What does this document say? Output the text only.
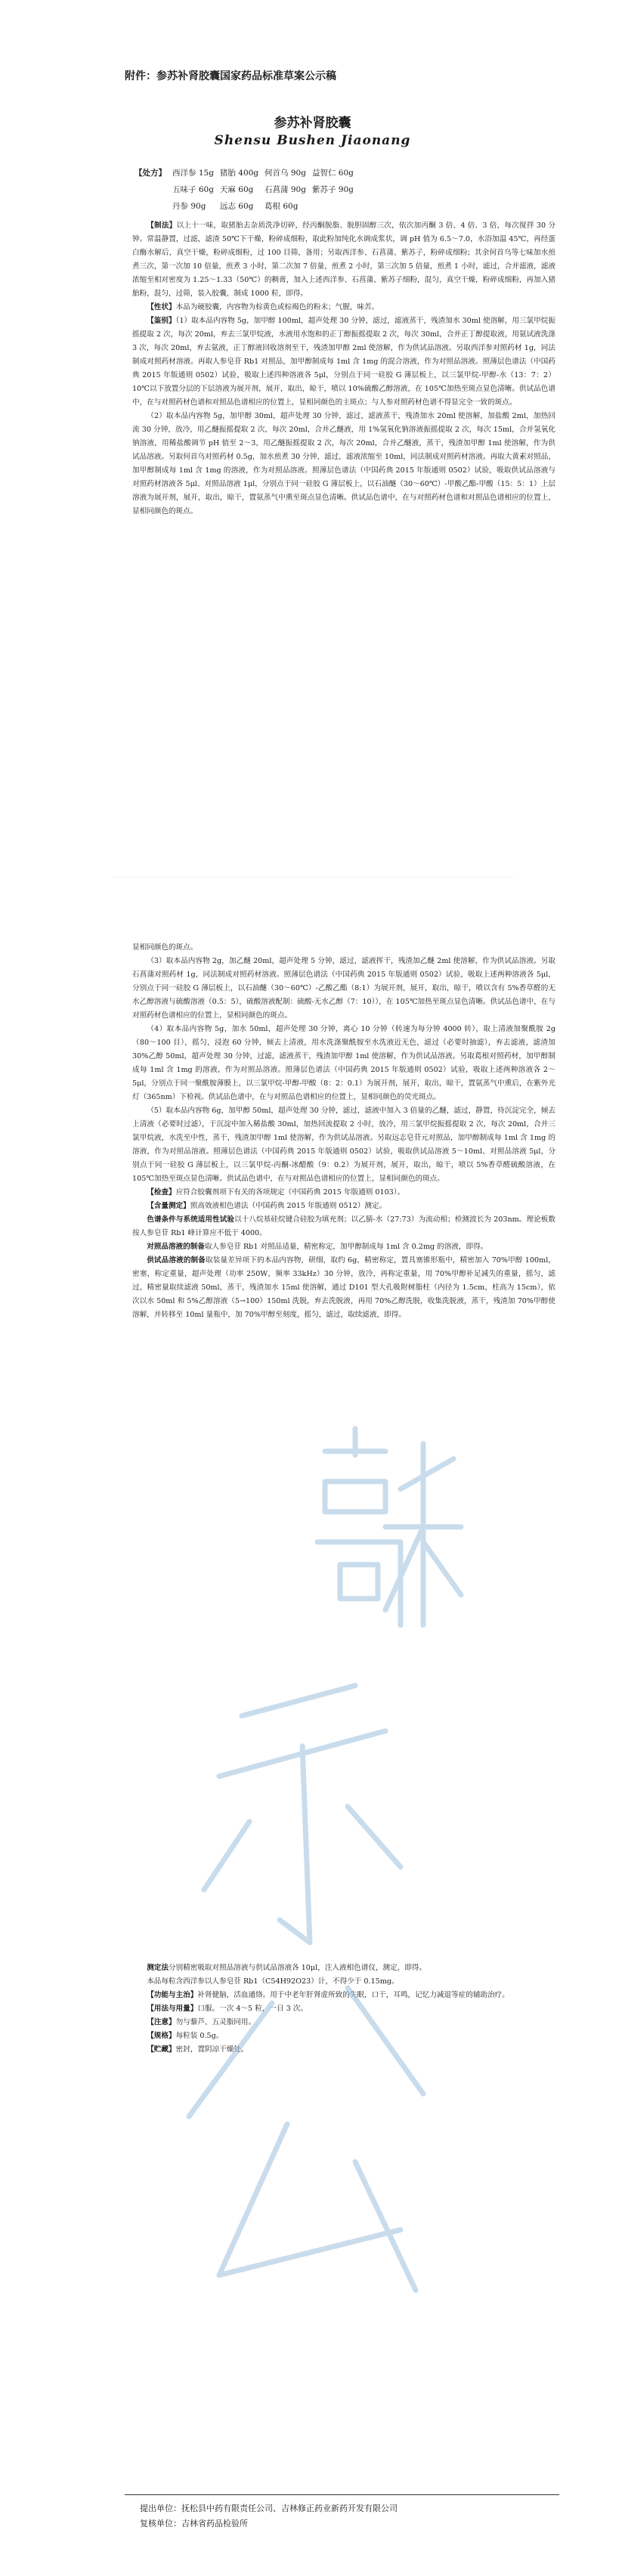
附件：参苏补肾胶囊国家药品标准草案公示稿
参苏补肾胶囊
Shensu Bushen Jiaonang
【处方】	西洋参 15g	猪胎 400g	何首乌 90g	益智仁 60g
	五味子 60g	天麻 60g	石菖蒲 90g	紫苏子 90g
	丹参 90g	远志 60g	葛根 60g	

【制法】以上十一味，取猪胎去杂质洗净切碎，经丙酮脱脂、脱胆固醇三次，依次加丙酮 3 倍、4 倍、3 倍，每次搅拌 30 分钟。常温静置，过滤，滤渣 50℃下干燥，粉碎成细粉，取此粉加纯化水调成浆状，调 pH 值为 6.5～7.0，水浴加温 45℃，再经蛋白酶水解后，真空干燥，粉碎成细粉，过 100 目筛，备用；另取西洋参、石菖蒲、紫苏子，粉碎成细粉；其余何首乌等七味加水煎煮三次，第一次加 10 倍量，煎煮 3 小时，第二次加 7 倍量，煎煮 2 小时，第三次加 5 倍量，煎煮 1 小时，滤过，合并滤液，滤液浓缩至相对密度为 1.25～1.33（50℃）的稠膏，加入上述西洋参、石菖蒲、紫苏子细粉，混匀，真空干燥，粉碎成细粉，再加入猪胎粉，混匀，过筛，装入胶囊，制成 1000 粒，即得。

【性状】本品为硬胶囊，内容物为棕黄色或棕褐色的粉末；气腥，味苦。

【鉴别】（1）取本品内容物 5g，加甲醇 100ml，超声处理 30 分钟，滤过，滤液蒸干，残渣加水 30ml 使溶解，用三氯甲烷振摇提取 2 次，每次 20ml，弃去三氯甲烷液，水液用水饱和的正丁醇振摇提取 2 次，每次 30ml，合并正丁醇提取液，用氨试液洗涤 3 次，每次 20ml，弃去氨液，正丁醇液回收溶剂至干，残渣加甲醇 2ml 使溶解，作为供试品溶液。另取西洋参对照药材 1g，同法制成对照药材溶液。再取人参皂苷 Rb1 对照品，加甲醇制成每 1ml 含 1mg 的混合溶液，作为对照品溶液。照薄层色谱法（中国药典 2015 年版通则 0502）试验，吸取上述四种溶液各 5μl，分别点于同一硅胶 G 薄层板上，以三氯甲烷-甲醇-水（13：7：2）10℃以下放置分层的下层溶液为展开剂，展开，取出，晾干，喷以 10%硫酸乙醇溶液，在 105℃加热至斑点显色清晰。供试品色谱中，在与对照药材色谱和对照品色谱相应的位置上，显相同颜色的主斑点；与人参对照药材色谱不得显完全一致的斑点。

（2）取本品内容物 5g，加甲醇 30ml，超声处理 30 分钟，滤过，滤液蒸干，残渣加水 20ml 使溶解，加盐酸 2ml，加热回流 30 分钟，放冷，用乙醚振摇提取 2 次，每次 20ml，合并乙醚液，用 1%氢氧化钠溶液振摇提取 2 次，每次 15ml，合并氢氧化钠溶液，用稀盐酸调节 pH 值至 2～3，用乙醚振摇提取 2 次，每次 20ml，合并乙醚液，蒸干，残渣加甲醇 1ml 使溶解，作为供试品溶液。另取何首乌对照药材 0.5g，加水煎煮 30 分钟，滤过，滤液浓缩至 10ml，同法制成对照药材溶液。再取大黄素对照品，加甲醇制成每 1ml 含 1mg 的溶液，作为对照品溶液。照薄层色谱法（中国药典 2015 年版通则 0502）试验，吸取供试品溶液与对照药材溶液各 5μl、对照品溶液 1μl，分别点于同一硅胶 G 薄层板上，以石油醚（30～60℃）-甲酸乙酯-甲酸（15：5：1）上层溶液为展开剂，展开，取出，晾干，置氨蒸气中熏至斑点显色清晰。供试品色谱中，在与对照药材色谱和对照品色谱相应的位置上，显相同颜色的斑点。

显相同颜色的斑点。

（3）取本品内容物 2g，加乙醚 20ml，超声处理 5 分钟，滤过，滤液挥干，残渣加乙醚 2ml 使溶解，作为供试品溶液。另取石菖蒲对照药材 1g，同法制成对照药材溶液。照薄层色谱法（中国药典 2015 年版通则 0502）试验，吸取上述两种溶液各 5μl，分别点于同一硅胶 G 薄层板上，以石油醚（30～60℃）-乙酸乙酯（8:1）为展开剂，展开，取出，晾干，喷以含有 5%香草醛的无水乙醇溶液与硫酸溶液（0.5：5），硫酸溶液配制：硫酸-无水乙醇（7：10）），在 105℃加热至斑点显色清晰。供试品色谱中，在与对照药材色谱相应的位置上，显相同颜色的斑点。

（4）取本品内容物 5g，加水 50ml，超声处理 30 分钟，离心 10 分钟（转速为每分钟 4000 转），取上清液加聚酰胺 2g（80～100 目），摇匀，浸泡 60 分钟，倾去上清液，用水洗涤聚酰胺至水洗液近无色，滤过（必要时抽滤），弃去滤液，滤渣加 30%乙醇 50ml，超声处理 30 分钟，过滤，滤液蒸干，残渣加甲醇 1ml 使溶解，作为供试品溶液。另取葛根对照药材，加甲醇制成每 1ml 含 1mg 的溶液，作为对照品溶液。照薄层色谱法（中国药典 2015 年版通则 0502）试验，吸取上述两种溶液各 2～5μl，分别点于同一聚酰胺薄膜上，以三氯甲烷-甲醇-甲酸（8：2：0.1）为展开剂，展开，取出，晾干，置氨蒸气中熏后，在紫外光灯（365nm）下检视。供试品色谱中，在与对照品色谱相应的位置上，显相同颜色的荧光斑点。

（5）取本品内容物 6g，加甲醇 50ml，超声处理 30 分钟，滤过，滤液中加入 3 倍量的乙醚，滤过，静置，待沉淀完全，倾去上清液（必要时过滤），于沉淀中加入稀盐酸 30ml，加热回流提取 2 小时，放冷，用三氯甲烷振摇提取 2 次，每次 20ml，合并三氯甲烷液，水洗至中性，蒸干，残渣加甲醇 1ml 使溶解，作为供试品溶液。另取远志皂苷元对照品，加甲醇制成每 1ml 含 1mg 的溶液，作为对照品溶液。照薄层色谱法（中国药典 2015 年版通则 0502）试验，吸取供试品溶液 5～10ml、对照品溶液 5μl，分别点于同一硅胶 G 薄层板上，以三氯甲烷-丙酮-冰醋酸（9：0.2）为展开剂，展开，取出，晾干，喷以 5%香草醛硫酸溶液，在 105℃加热至斑点显色清晰。供试品色谱中，在与对照品色谱相应的位置上，显相同颜色的斑点。

【检查】应符合胶囊剂项下有关的各项规定（中国药典 2015 年版通则 0103）。

【含量测定】照高效液相色谱法（中国药典 2015 年版通则 0512）测定。

色谱条件与系统适用性试验以十八烷基硅烷键合硅胶为填充剂；以乙腈-水（27:73）为流动相；检测波长为 203nm。理论板数按人参皂苷 Rb1 峰计算应不低于 4000。

对照品溶液的制备取人参皂苷 Rb1 对照品适量，精密称定，加甲醇制成每 1ml 含 0.2mg 的溶液，即得。

供试品溶液的制备取装量差异项下的本品内容物，研细，取约 6g，精密称定，置具塞锥形瓶中，精密加入 70%甲醇 100ml，密塞，称定重量，超声处理（功率 250W，频率 33kHz）30 分钟，放冷，再称定重量，用 70%甲醇补足减失的重量，摇匀，滤过，精密量取续滤液 50ml，蒸干，残渣加水 15ml 使溶解，通过 D101 型大孔吸附树脂柱（内径为 1.5cm，柱高为 15cm），依次以水 50ml 和 5%乙醇溶液（5→100）150ml 洗脱，弃去洗脱液，再用 70%乙醇洗脱，收集洗脱液，蒸干，残渣加 70%甲醇使溶解，并转移至 10ml 量瓶中，加 70%甲醇至刻度，摇匀，滤过，取续滤液，即得。

测定法分别精密吸取对照品溶液与供试品溶液各 10μl，注入液相色谱仪，测定，即得。

本品每粒含西洋参以人参皂苷 Rb1（C54H92O23）计，不得少于 0.15mg。

【功能与主治】补肾健脑，活血通络。用于中老年肝肾虚所致的失眠，口干，耳鸣，记忆力减退等症的辅助治疗。

【用法与用量】口服。一次 4～5 粒，一日 3 次。

【注意】勿与藜芦、五灵脂同用。

【规格】每粒装 0.5g。

【贮藏】密封，置阴凉干燥处。

提出单位：抚松县中药有限责任公司、吉林修正药业新药开发有限公司
复核单位：吉林省药品检验所
